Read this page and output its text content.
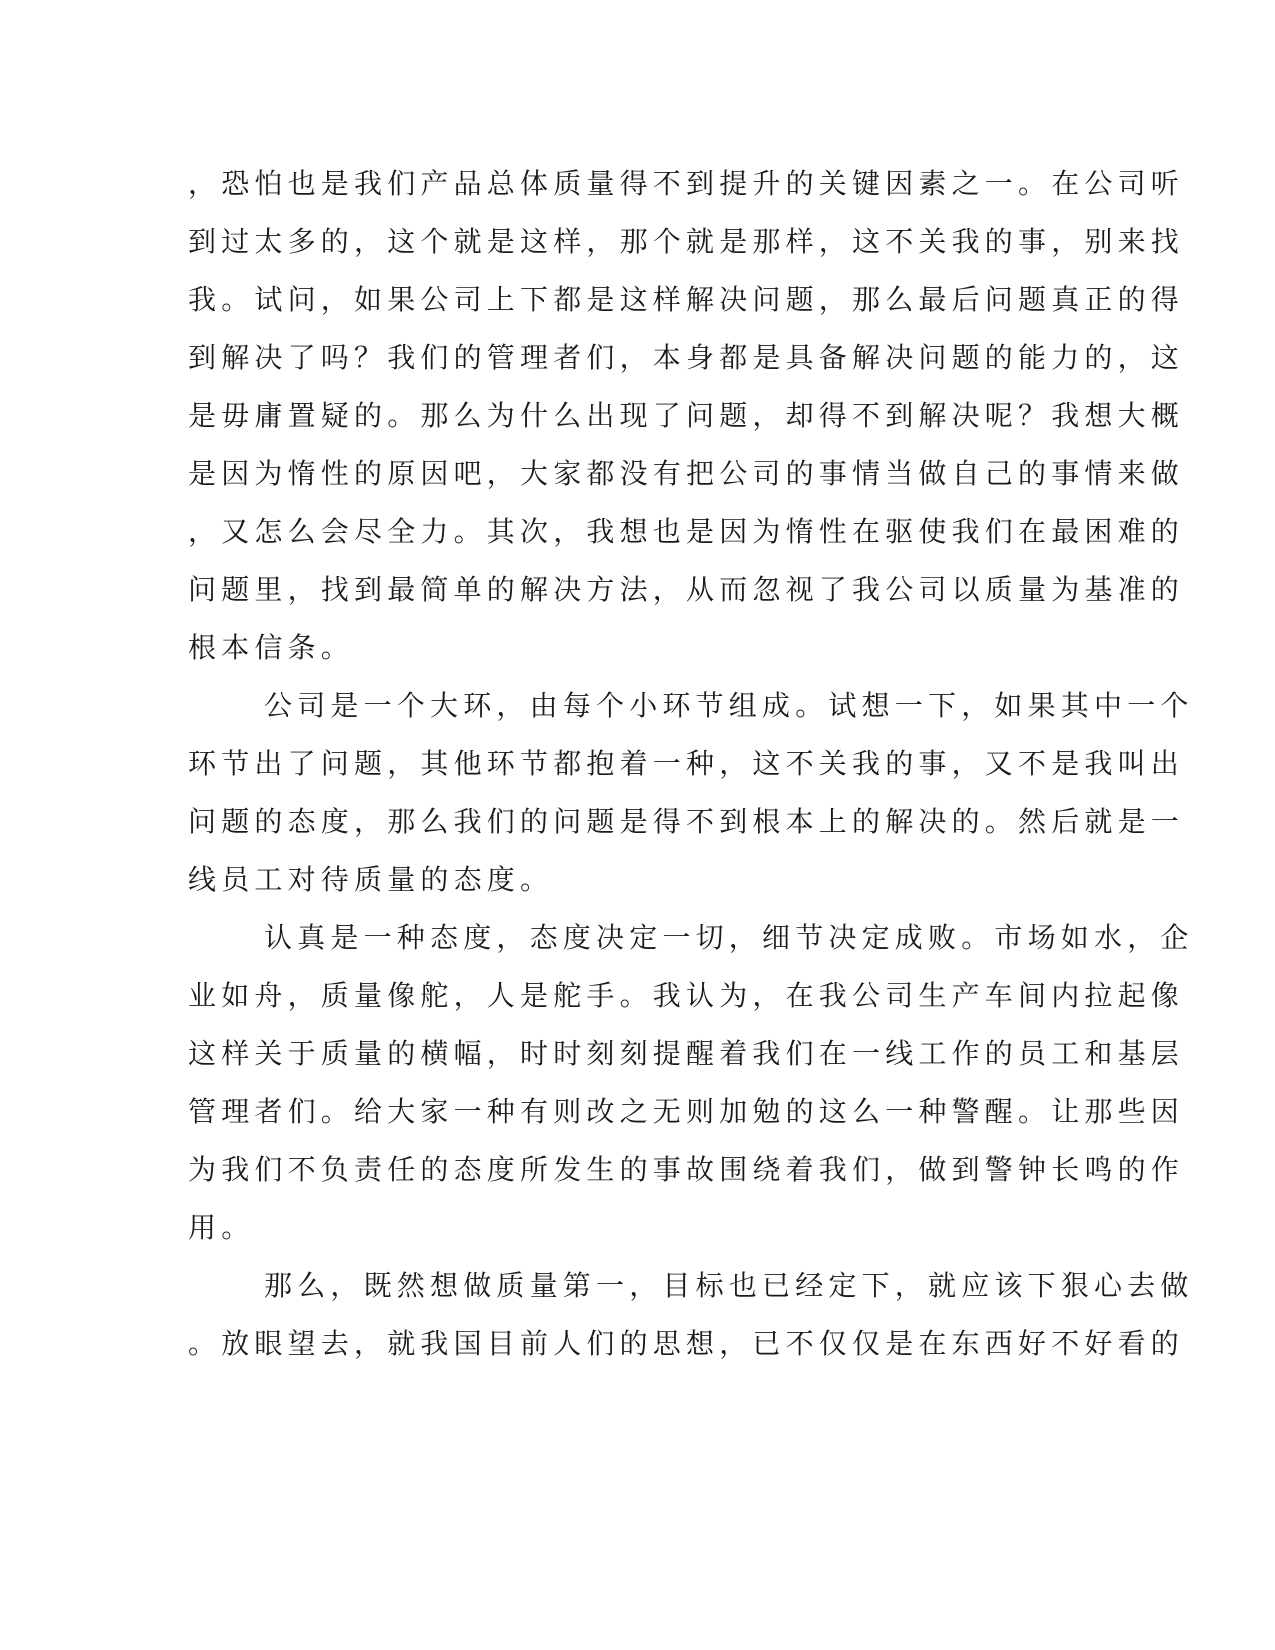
，恐怕也是我们产品总体质量得不到提升的关键因素之一。在公司听
到过太多的，这个就是这样，那个就是那样，这不关我的事，别来找
我。试问，如果公司上下都是这样解决问题，那么最后问题真正的得
到解决了吗？我们的管理者们，本身都是具备解决问题的能力的，这
是毋庸置疑的。那么为什么出现了问题，却得不到解决呢？我想大概
是因为惰性的原因吧，大家都没有把公司的事情当做自己的事情来做
，又怎么会尽全力。其次，我想也是因为惰性在驱使我们在最困难的
问题里，找到最简单的解决方法，从而忽视了我公司以质量为基准的
根本信条。
公司是一个大环，由每个小环节组成。试想一下，如果其中一个
环节出了问题，其他环节都抱着一种，这不关我的事，又不是我叫出
问题的态度，那么我们的问题是得不到根本上的解决的。然后就是一
线员工对待质量的态度。
认真是一种态度，态度决定一切，细节决定成败。市场如水，企
业如舟，质量像舵，人是舵手。我认为，在我公司生产车间内拉起像
这样关于质量的横幅，时时刻刻提醒着我们在一线工作的员工和基层
管理者们。给大家一种有则改之无则加勉的这么一种警醒。让那些因
为我们不负责任的态度所发生的事故围绕着我们，做到警钟长鸣的作
用。
那么，既然想做质量第一，目标也已经定下，就应该下狠心去做
。放眼望去，就我国目前人们的思想，已不仅仅是在东西好不好看的
